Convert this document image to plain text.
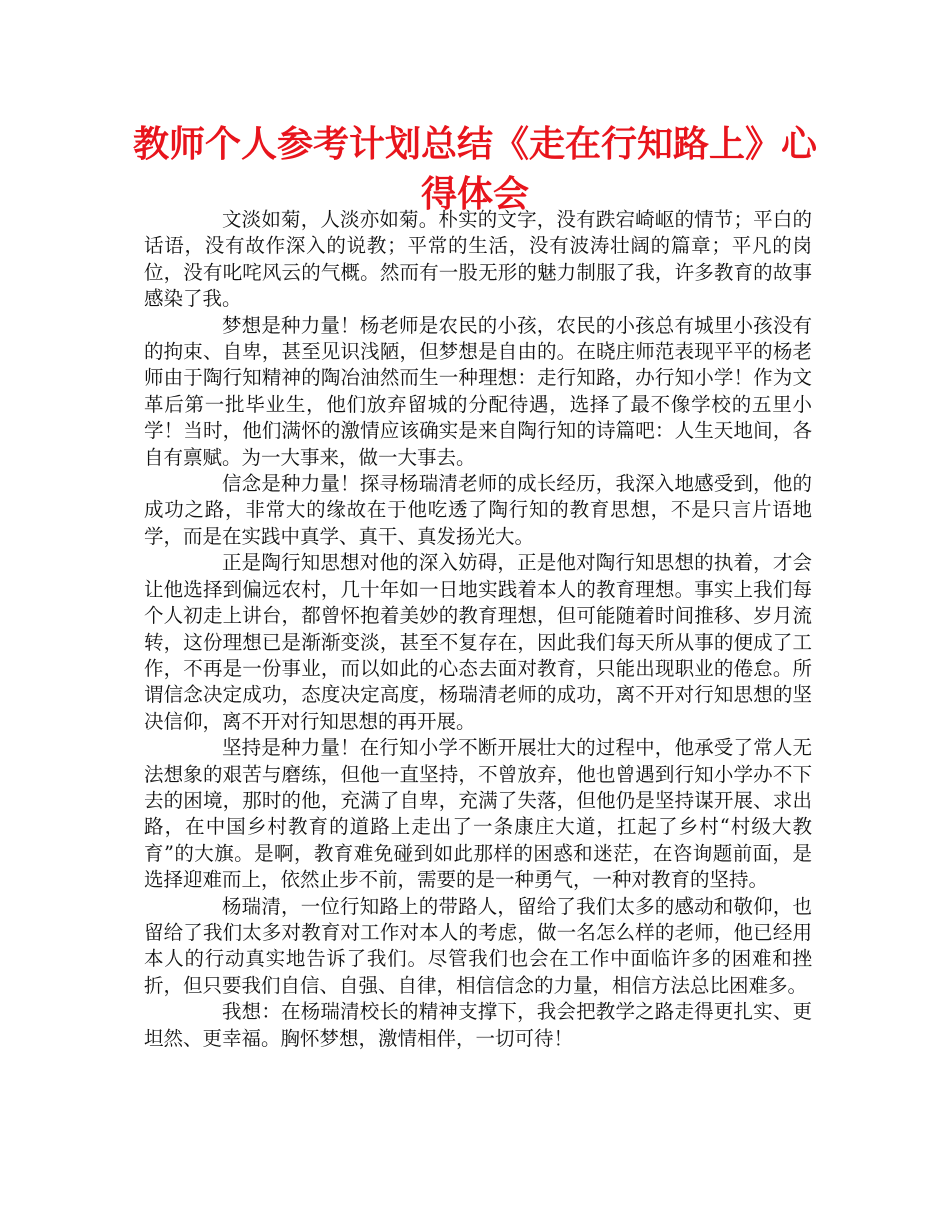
教师个人参考计划总结《走在行知路上》心得体会

文淡如菊，人淡亦如菊。朴实的文字，没有跌宕崎岖的情节；平白的话语，没有故作深入的说教；平常的生活，没有波涛壮阔的篇章；平凡的岗位，没有叱咤风云的气概。然而有一股无形的魅力制服了我，许多教育的故事感染了我。

梦想是种力量！杨老师是农民的小孩，农民的小孩总有城里小孩没有的拘束、自卑，甚至见识浅陋，但梦想是自由的。在晓庄师范表现平平的杨老师由于陶行知精神的陶冶油然而生一种理想：走行知路，办行知小学！作为文革后第一批毕业生，他们放弃留城的分配待遇，选择了最不像学校的五里小学！当时，他们满怀的激情应该确实是来自陶行知的诗篇吧：人生天地间，各自有禀赋。为一大事来，做一大事去。

信念是种力量！探寻杨瑞清老师的成长经历，我深入地感受到，他的成功之路，非常大的缘故在于他吃透了陶行知的教育思想，不是只言片语地学，而是在实践中真学、真干、真发扬光大。

正是陶行知思想对他的深入妨碍，正是他对陶行知思想的执着，才会让他选择到偏远农村，几十年如一日地实践着本人的教育理想。事实上我们每个人初走上讲台，都曾怀抱着美妙的教育理想，但可能随着时间推移、岁月流转，这份理想已是渐渐变淡，甚至不复存在，因此我们每天所从事的便成了工作，不再是一份事业，而以如此的心态去面对教育，只能出现职业的倦怠。所谓信念决定成功，态度决定高度，杨瑞清老师的成功，离不开对行知思想的坚决信仰，离不开对行知思想的再开展。

坚持是种力量！在行知小学不断开展壮大的过程中，他承受了常人无法想象的艰苦与磨练，但他一直坚持，不曾放弃，他也曾遇到行知小学办不下去的困境，那时的他，充满了自卑，充满了失落，但他仍是坚持谋开展、求出路，在中国乡村教育的道路上走出了一条康庄大道，扛起了乡村“村级大教育”的大旗。是啊，教育难免碰到如此那样的困惑和迷茫，在咨询题前面，是选择迎难而上，依然止步不前，需要的是一种勇气，一种对教育的坚持。

杨瑞清，一位行知路上的带路人，留给了我们太多的感动和敬仰，也留给了我们太多对教育对工作对本人的考虑，做一名怎么样的老师，他已经用本人的行动真实地告诉了我们。尽管我们也会在工作中面临许多的困难和挫折，但只要我们自信、自强、自律，相信信念的力量，相信方法总比困难多。

我想：在杨瑞清校长的精神支撑下，我会把教学之路走得更扎实、更坦然、更幸福。胸怀梦想，激情相伴，一切可待！
